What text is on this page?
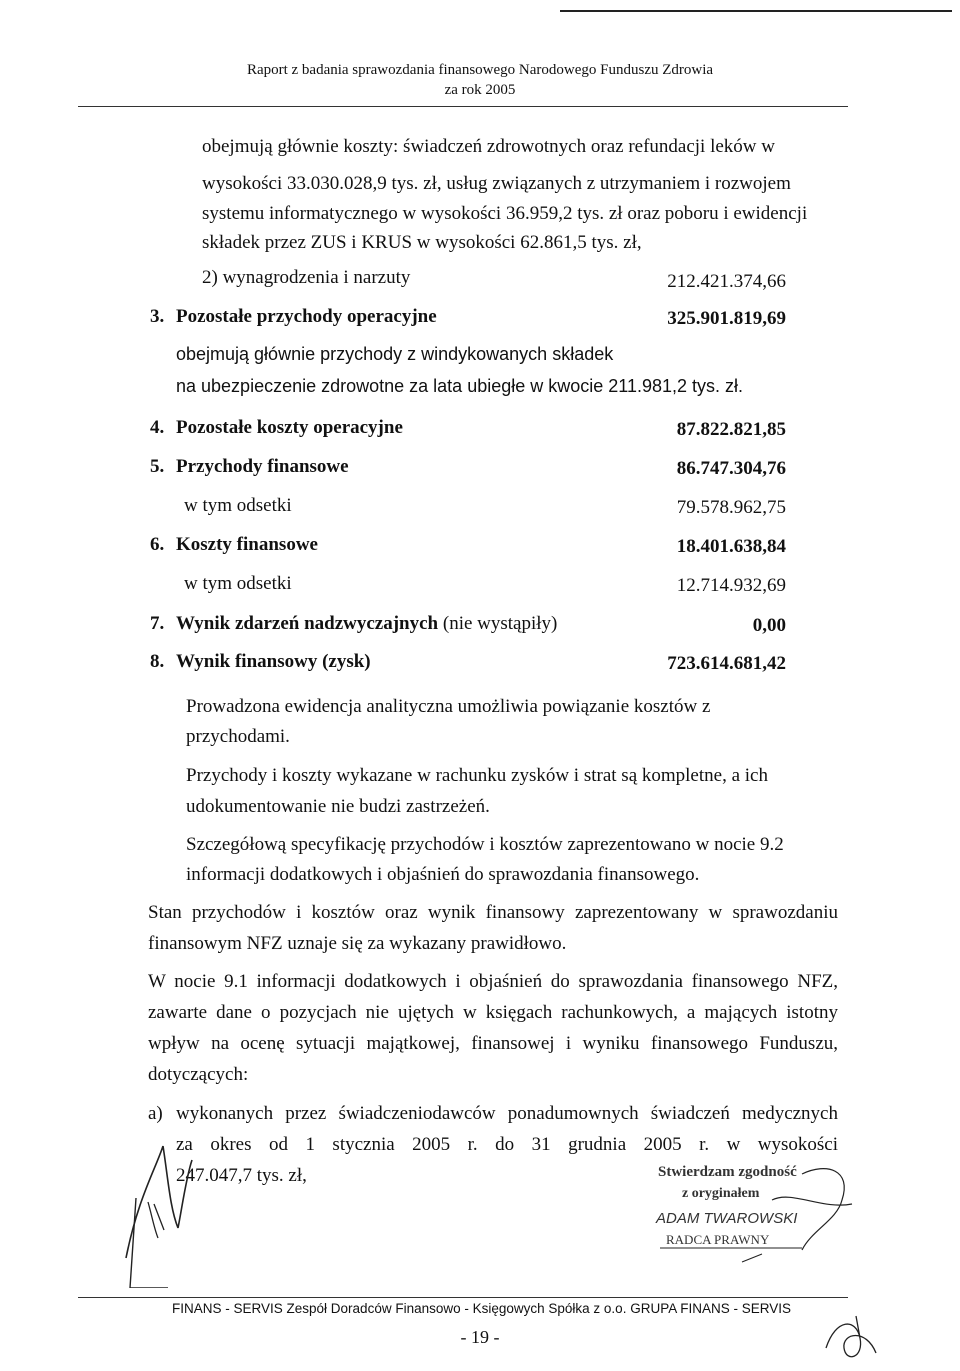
Raport z badania sprawozdania finansowego Narodowego Funduszu Zdrowia
za rok 2005
obejmują głównie koszty: świadczeń zdrowotnych oraz refundacji leków w
wysokości 33.030.028,9 tys. zł, usług związanych z utrzymaniem i rozwojem
systemu informatycznego w wysokości 36.959,2 tys. zł oraz poboru i ewidencji
składek przez ZUS i KRUS w wysokości 62.861,5 tys. zł,
2) wynagrodzenia i narzuty	212.421.374,66
3. Pozostałe przychody operacyjne	325.901.819,69
obejmują głównie przychody z windykowanych składek
na ubezpieczenie zdrowotne za lata ubiegłe w kwocie 211.981,2 tys. zł.
4. Pozostałe koszty operacyjne	87.822.821,85
5. Przychody finansowe	86.747.304,76
w tym odsetki	79.578.962,75
6. Koszty finansowe	18.401.638,84
w tym odsetki	12.714.932,69
7. Wynik zdarzeń nadzwyczajnych (nie wystąpiły)	0,00
8. Wynik finansowy (zysk)	723.614.681,42
Prowadzona ewidencja analityczna umożliwia powiązanie kosztów z
przychodami.
Przychody i koszty wykazane w rachunku zysków i strat są kompletne, a ich
udokumentowanie nie budzi zastrzeżeń.
Szczegółową specyfikację przychodów i kosztów zaprezentowano w nocie 9.2
informacji dodatkowych i objaśnień do sprawozdania finansowego.
Stan przychodów i kosztów oraz wynik finansowy zaprezentowany w sprawozdaniu
finansowym NFZ uznaje się za wykazany prawidłowo.
W nocie 9.1 informacji dodatkowych i objaśnień do sprawozdania finansowego NFZ,
zawarte dane o pozycjach nie ujętych w księgach rachunkowych, a mających istotny
wpływ na ocenę sytuacji majątkowej, finansowej i wyniku finansowego Funduszu,
dotyczących:
a) wykonanych przez świadczeniodawców ponadumownych świadczeń medycznych
za okres od 1 stycznia 2005 r. do 31 grudnia 2005 r. w wysokości
247.047,7 tys. zł,	Stwierdzam zgodność
z oryginałem
ADAM TWAROWSKI
RADCA PRAWNY
FINANS - SERVIS Zespół Doradców Finansowo - Księgowych Spółka z o.o. GRUPA FINANS - SERVIS
- 19 -
